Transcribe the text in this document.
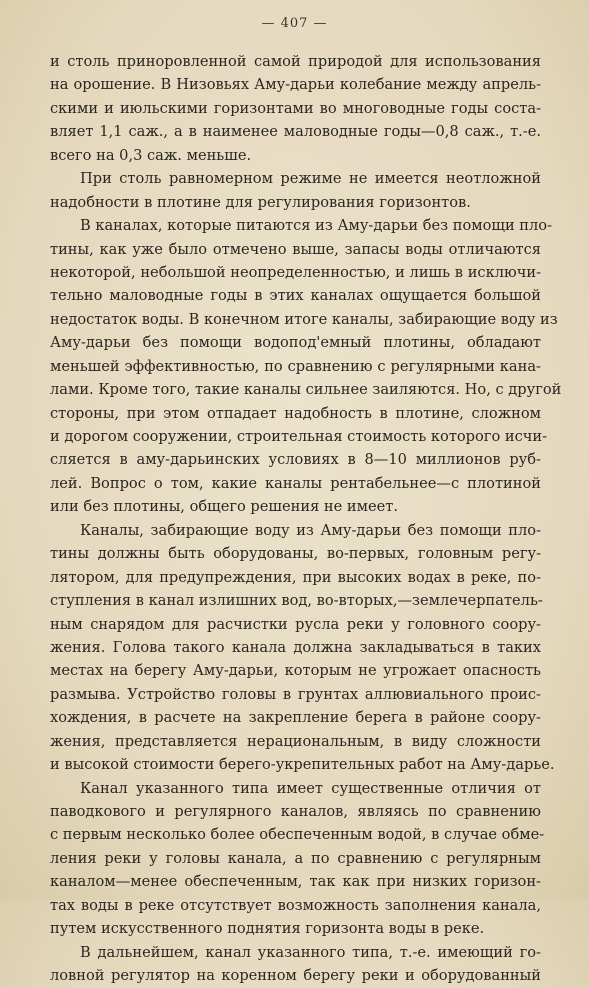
— 407 —
и столь приноровленной самой природой для использования
на орошение. В Низовьях Аму-дарьи колебание между апрель-
скими и июльскими горизонтами во многоводные годы соста-
вляет 1,1 саж., а в наименее маловодные годы—0,8 саж., т.-е.
всего на 0,3 саж. меньше.
При столь равномерном режиме не имеется неотложной
надобности в плотине для регулирования горизонтов.
В каналах, которые питаются из Аму-дарьи без помощи пло-
тины, как уже было отмечено выше, запасы воды отличаются
некоторой, небольшой неопределенностью, и лишь в исключи-
тельно маловодные годы в этих каналах ощущается большой
недостаток воды. В конечном итоге каналы, забирающие воду из
Аму-дарьи без помощи водопод'емный плотины, обладают
меньшей эффективностью, по сравнению с регулярными кана-
лами. Кроме того, такие каналы сильнее заиляются. Но, с другой
стороны, при этом отпадает надобность в плотине, сложном
и дорогом сооружении, строительная стоимость которого исчи-
сляется в аму-дарьинских условиях в 8—10 миллионов руб-
лей. Вопрос о том, какие каналы рентабельнее—с плотиной
или без плотины, общего решения не имеет.
Каналы, забирающие воду из Аму-дарьи без помощи пло-
тины должны быть оборудованы, во-первых, головным регу-
лятором, для предупреждения, при высоких водах в реке, по-
ступления в канал излишних вод, во-вторых,—землечерпатель-
ным снарядом для расчистки русла реки у головного соору-
жения. Голова такого канала должна закладываться в таких
местах на берегу Аму-дарьи, которым не угрожает опасность
размыва. Устройство головы в грунтах аллювиального проис-
хождения, в расчете на закрепление берега в районе соору-
жения, представляется нерациональным, в виду сложности
и высокой стоимости берего-укрепительных работ на Аму-дарье.
Канал указанного типа имеет существенные отличия от
паводкового и регулярного каналов, являясь по сравнению
с первым несколько более обеспеченным водой, в случае обме-
ления реки у головы канала, а по сравнению с регулярным
каналом—менее обеспеченным, так как при низких горизон-
тах воды в реке отсутствует возможность заполнения канала,
путем искусственного поднятия горизонта воды в реке.
В дальнейшем, канал указанного типа, т.-е. имеющий го-
ловной регулятор на коренном берегу реки и оборудованный
